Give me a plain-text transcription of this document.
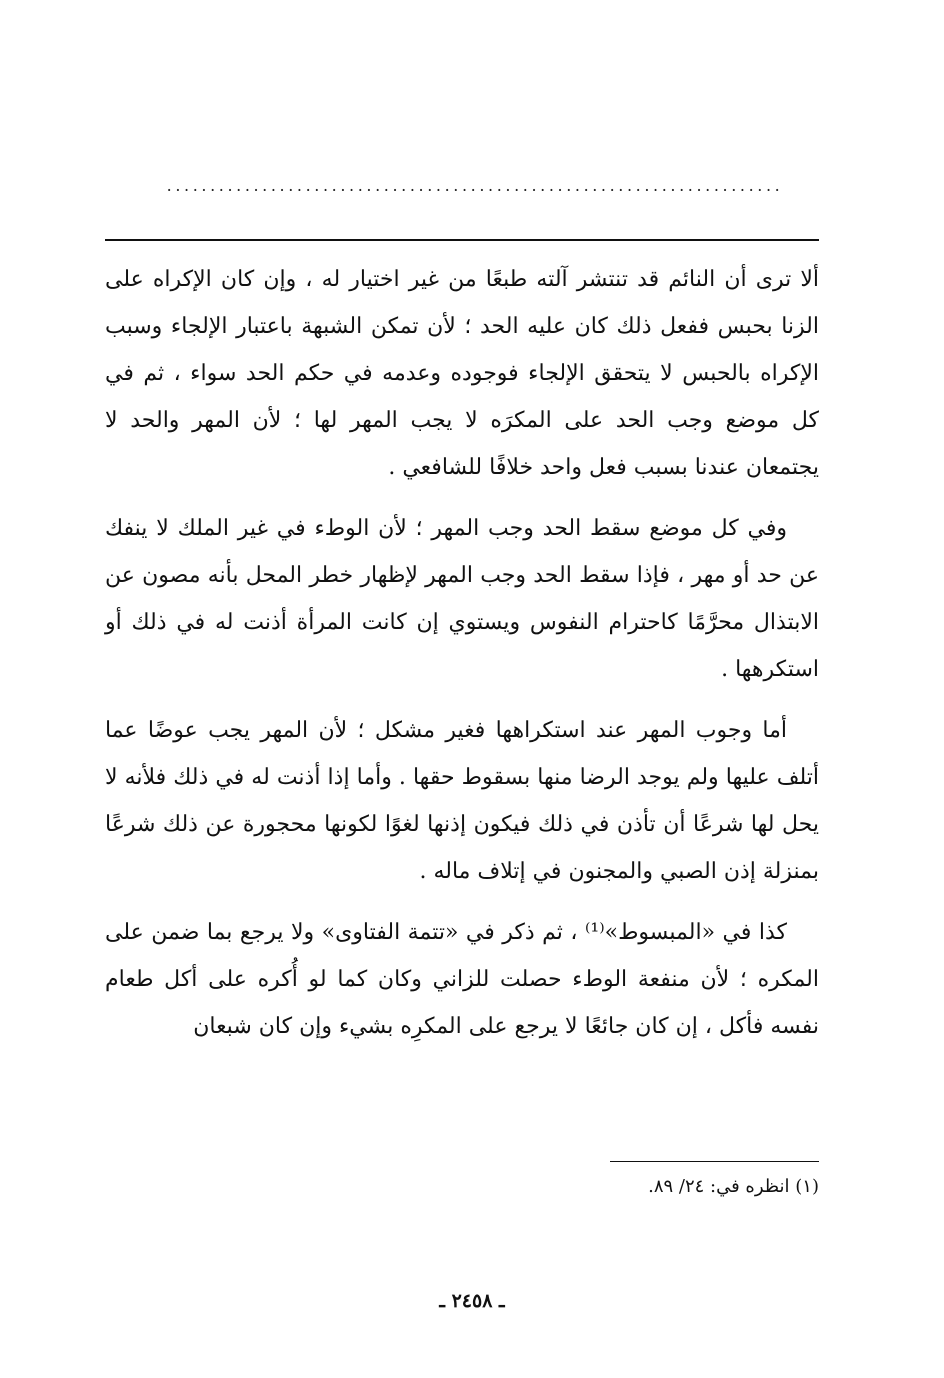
.......................................................................

ألا ترى أن النائم قد تنتشر آلته طبعًا من غير اختيار له ، وإن كان الإكراه على الزنا بحبس ففعل ذلك كان عليه الحد ؛ لأن تمكن الشبهة باعتبار الإلجاء وسبب الإكراه بالحبس لا يتحقق الإلجاء فوجوده وعدمه في حكم الحد سواء ، ثم في كل موضع وجب الحد على المكرَه لا يجب المهر لها ؛ لأن المهر والحد لا يجتمعان عندنا بسبب فعل واحد خلافًا للشافعي .

وفي كل موضع سقط الحد وجب المهر ؛ لأن الوطء في غير الملك لا ينفك عن حد أو مهر ، فإذا سقط الحد وجب المهر لإظهار خطر المحل بأنه مصون عن الابتذال محرَّمًا كاحترام النفوس ويستوي إن كانت المرأة أذنت له في ذلك أو استكرهها .

أما وجوب المهر عند استكراهها فغير مشكل ؛ لأن المهر يجب عوضًا عما أتلف عليها ولم يوجد الرضا منها بسقوط حقها . وأما إذا أذنت له في ذلك فلأنه لا يحل لها شرعًا أن تأذن في ذلك فيكون إذنها لغوًا لكونها محجورة عن ذلك شرعًا بمنزلة إذن الصبي والمجنون في إتلاف ماله .

كذا في «المبسوط»⁽¹⁾ ، ثم ذكر في «تتمة الفتاوى» ولا يرجع بما ضمن على المكره ؛ لأن منفعة الوطء حصلت للزاني وكان كما لو أُكره على أكل طعام نفسه فأكل ، إن كان جائعًا لا يرجع على المكرِه بشيء وإن كان شبعان

(١) انظره في: ٢٤/ ٨٩.
ـ ٢٤٥٨ ـ
